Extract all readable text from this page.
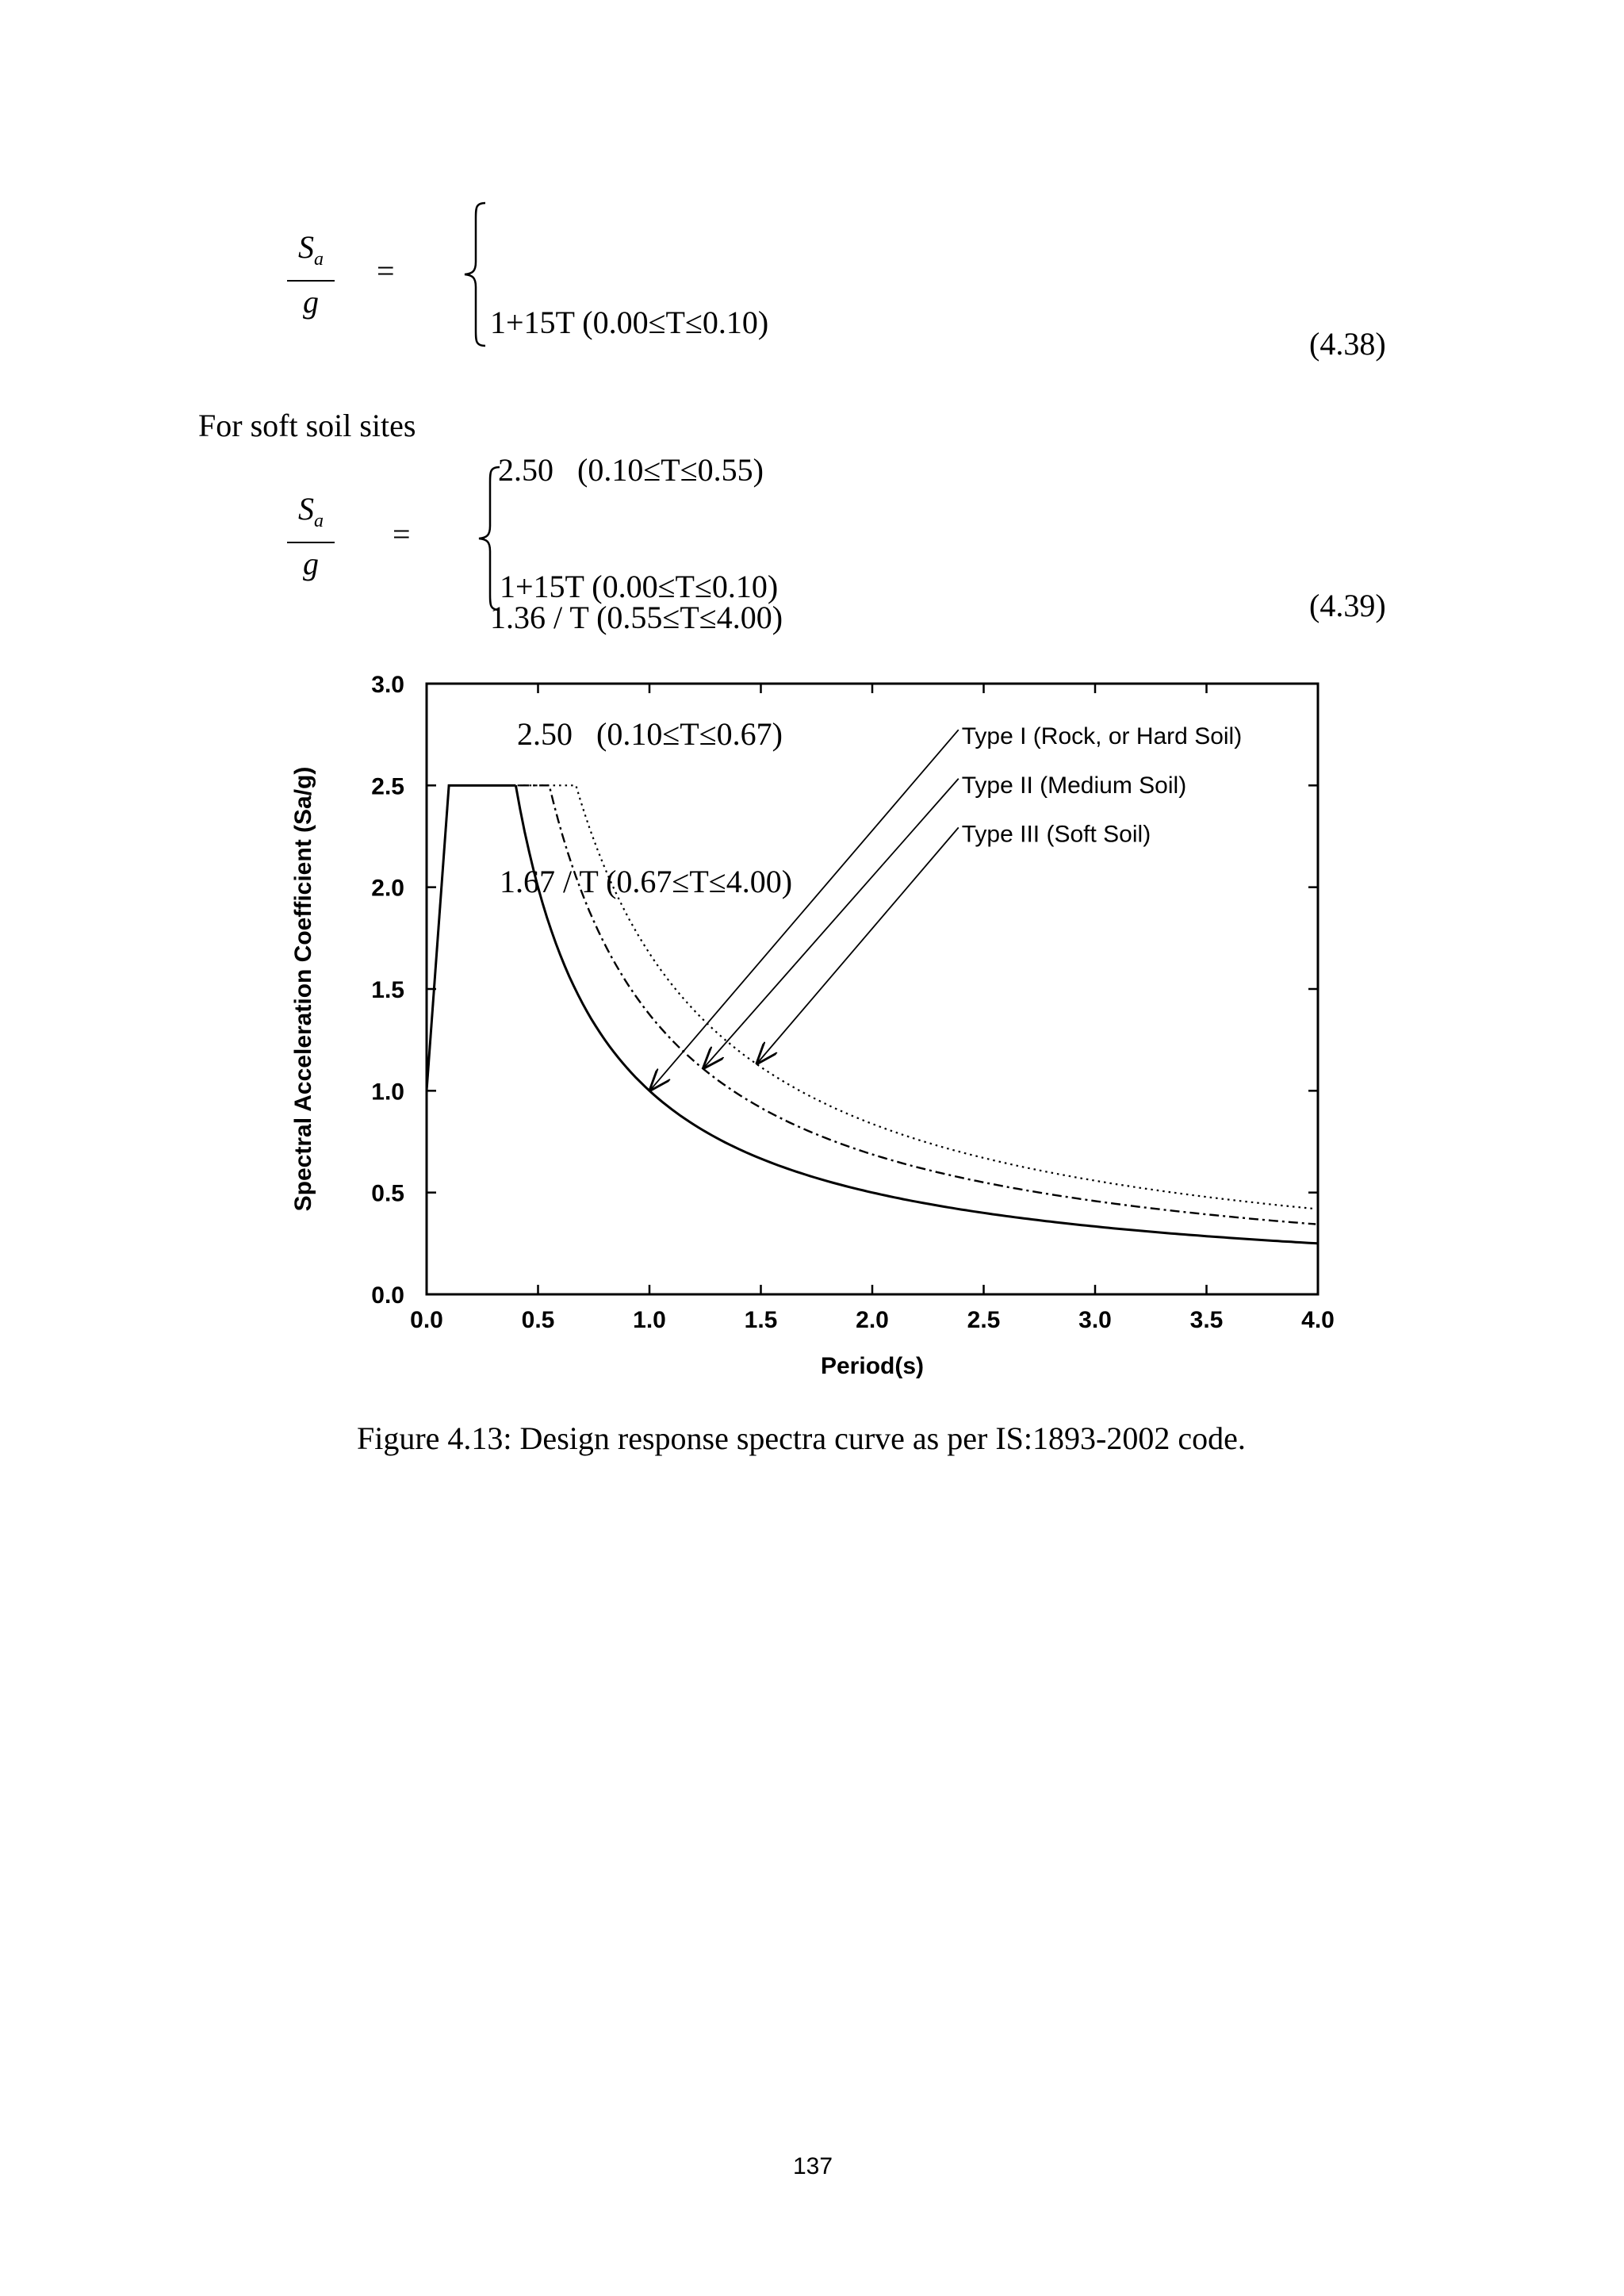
$S_a$
g
=

1+15T (0.00≤T≤0.10)

2.50   (0.10≤T≤0.55)

1.36 / T (0.55≤T≤4.00)

(4.38)
For soft soil sites
$S_a$
g
=

1+15T (0.00≤T≤0.10)

2.50   (0.10≤T≤0.67)

1.67 / T (0.67≤T≤4.00)

(4.39)
0.0	0.5	1.0	1.5	2.0	2.5	3.0	3.5	4.0
0.0
0.5
1.0
1.5
2.0
2.5
3.0
Period(s)
Spectral Acceleration Coefficient (Sa/g)
Type I (Rock, or Hard Soil)
Type II (Medium Soil)
Type III (Soft Soil)
Figure 4.13: Design response spectra curve as per IS:1893-2002 code.
137
